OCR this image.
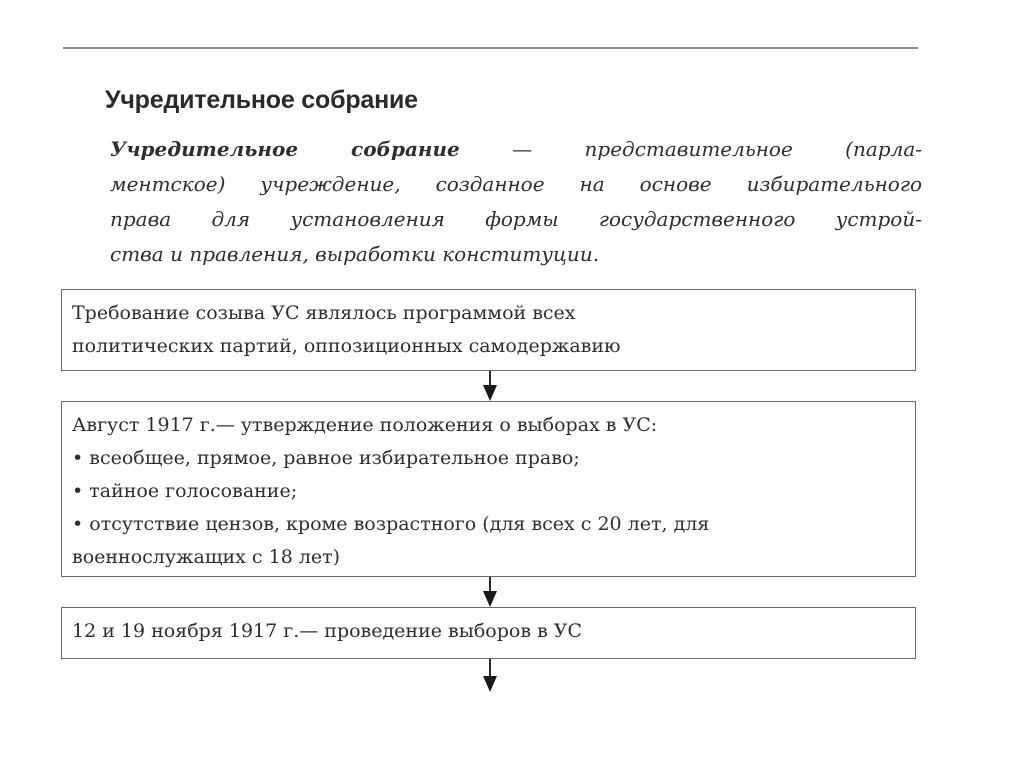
Учредительное собрание
Учредительное собрание — представительное (парла-
ментское) учреждение, созданное на основе избирательного
права для установления формы государственного устрой-
ства и правления, выработки конституции.
Требование созыва УС являлось программой всех
политических партий, оппозиционных самодержавию
Август 1917 г.— утверждение положения о выборах в УС:
• всеобщее, прямое, равное избирательное право;
• тайное голосование;
• отсутствие цензов, кроме возрастного (для всех с 20 лет, для
военнослужащих с 18 лет)
12 и 19 ноября 1917 г.— проведение выборов в УС
